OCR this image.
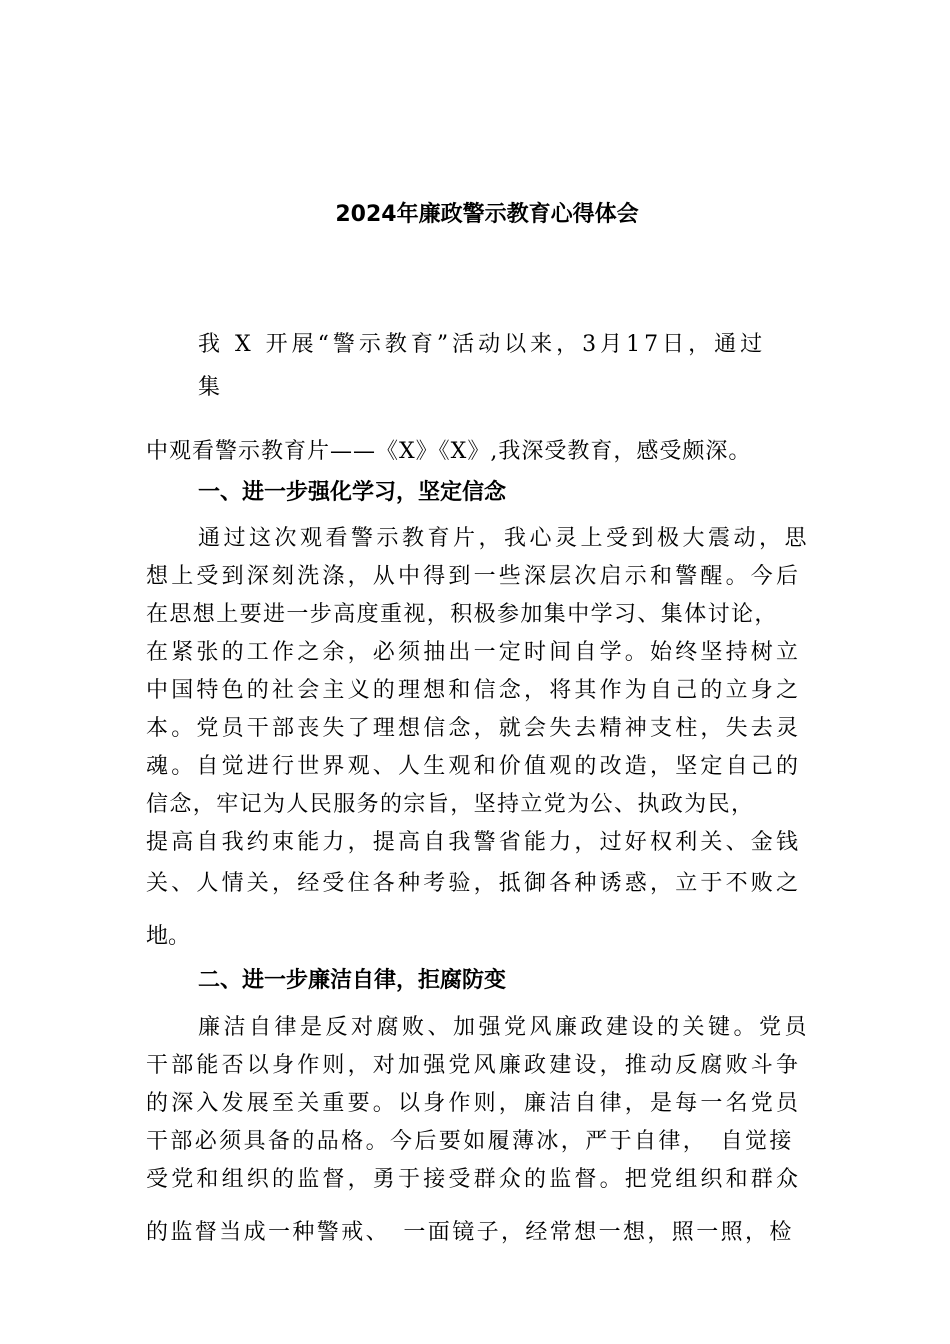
2024年廉政警示教育心得体会
我 X 开展“警示教育”活动以来，3月17日，通过
集
中观看警示教育片——《X》《X》,我深受教育，感受颇深。
一、进一步强化学习，坚定信念
通过这次观看警示教育片，我心灵上受到极大震动，思
想上受到深刻洗涤，从中得到一些深层次启示和警醒。今后
在思想上要进一步高度重视，积极参加集中学习、集体讨论，
在紧张的工作之余，必须抽出一定时间自学。始终坚持树立
中国特色的社会主义的理想和信念，将其作为自己的立身之
本。党员干部丧失了理想信念，就会失去精神支柱，失去灵
魂。自觉进行世界观、人生观和价值观的改造，坚定自己的
信念，牢记为人民服务的宗旨，坚持立党为公、执政为民，
提高自我约束能力，提高自我警省能力，过好权利关、金钱
关、人情关，经受住各种考验，抵御各种诱惑，立于不败之
地。
二、进一步廉洁自律，拒腐防变
廉洁自律是反对腐败、加强党风廉政建设的关键。党员
干部能否以身作则，对加强党风廉政建设，推动反腐败斗争
的深入发展至关重要。以身作则，廉洁自律，是每一名党员
干部必须具备的品格。今后要如履薄冰，严于自律，　自觉接
受党和组织的监督，勇于接受群众的监督。把党组织和群众
的监督当成一种警戒、　一面镜子，经常想一想，照一照，检
